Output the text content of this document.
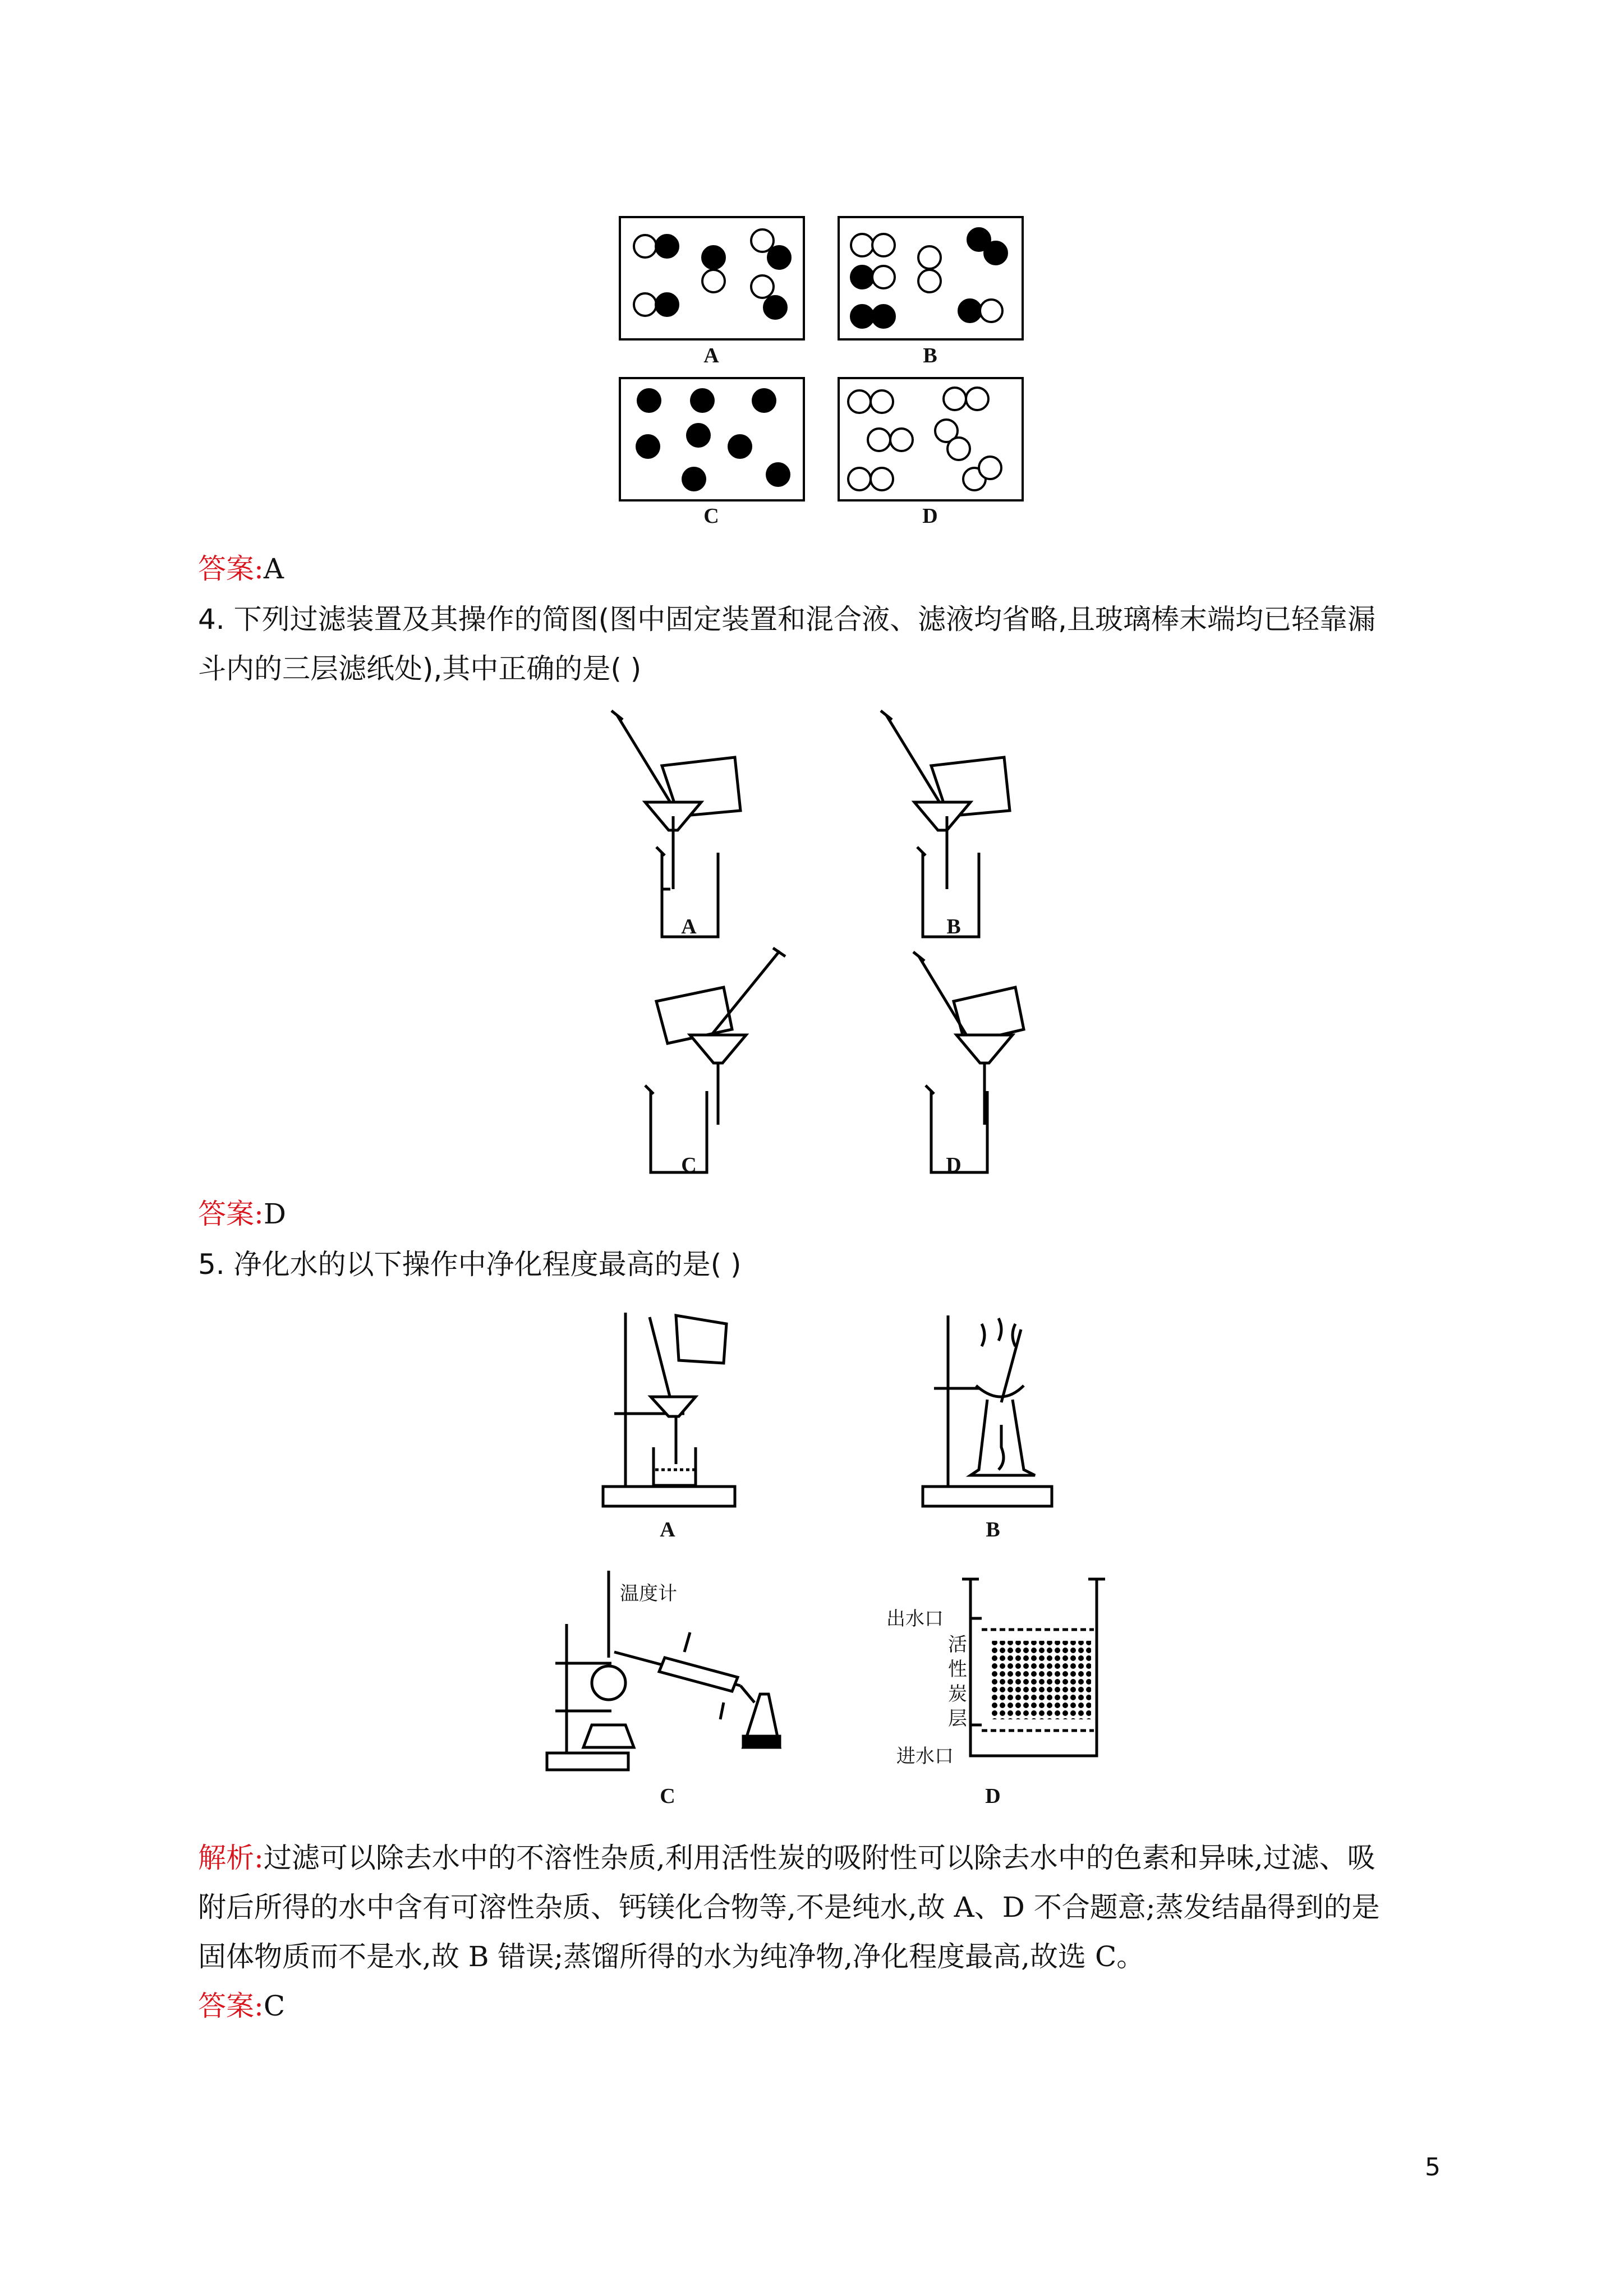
A	B
C	D
答案:A
4. 下列过滤装置及其操作的简图(图中固定装置和混合液、滤液均省略,且玻璃棒末端均已轻靠漏
斗内的三层滤纸处),其中正确的是( )
A	B
C	D
答案:D
5. 净化水的以下操作中净化程度最高的是( )
A	B
温度计
C
出水口
进水口
活
性
炭
层
D
解析:过滤可以除去水中的不溶性杂质,利用活性炭的吸附性可以除去水中的色素和异味,过滤、吸
附后所得的水中含有可溶性杂质、钙镁化合物等,不是纯水,故 A、D 不合题意;蒸发结晶得到的是
固体物质而不是水,故 B 错误;蒸馏所得的水为纯净物,净化程度最高,故选 C。
答案:C
5
